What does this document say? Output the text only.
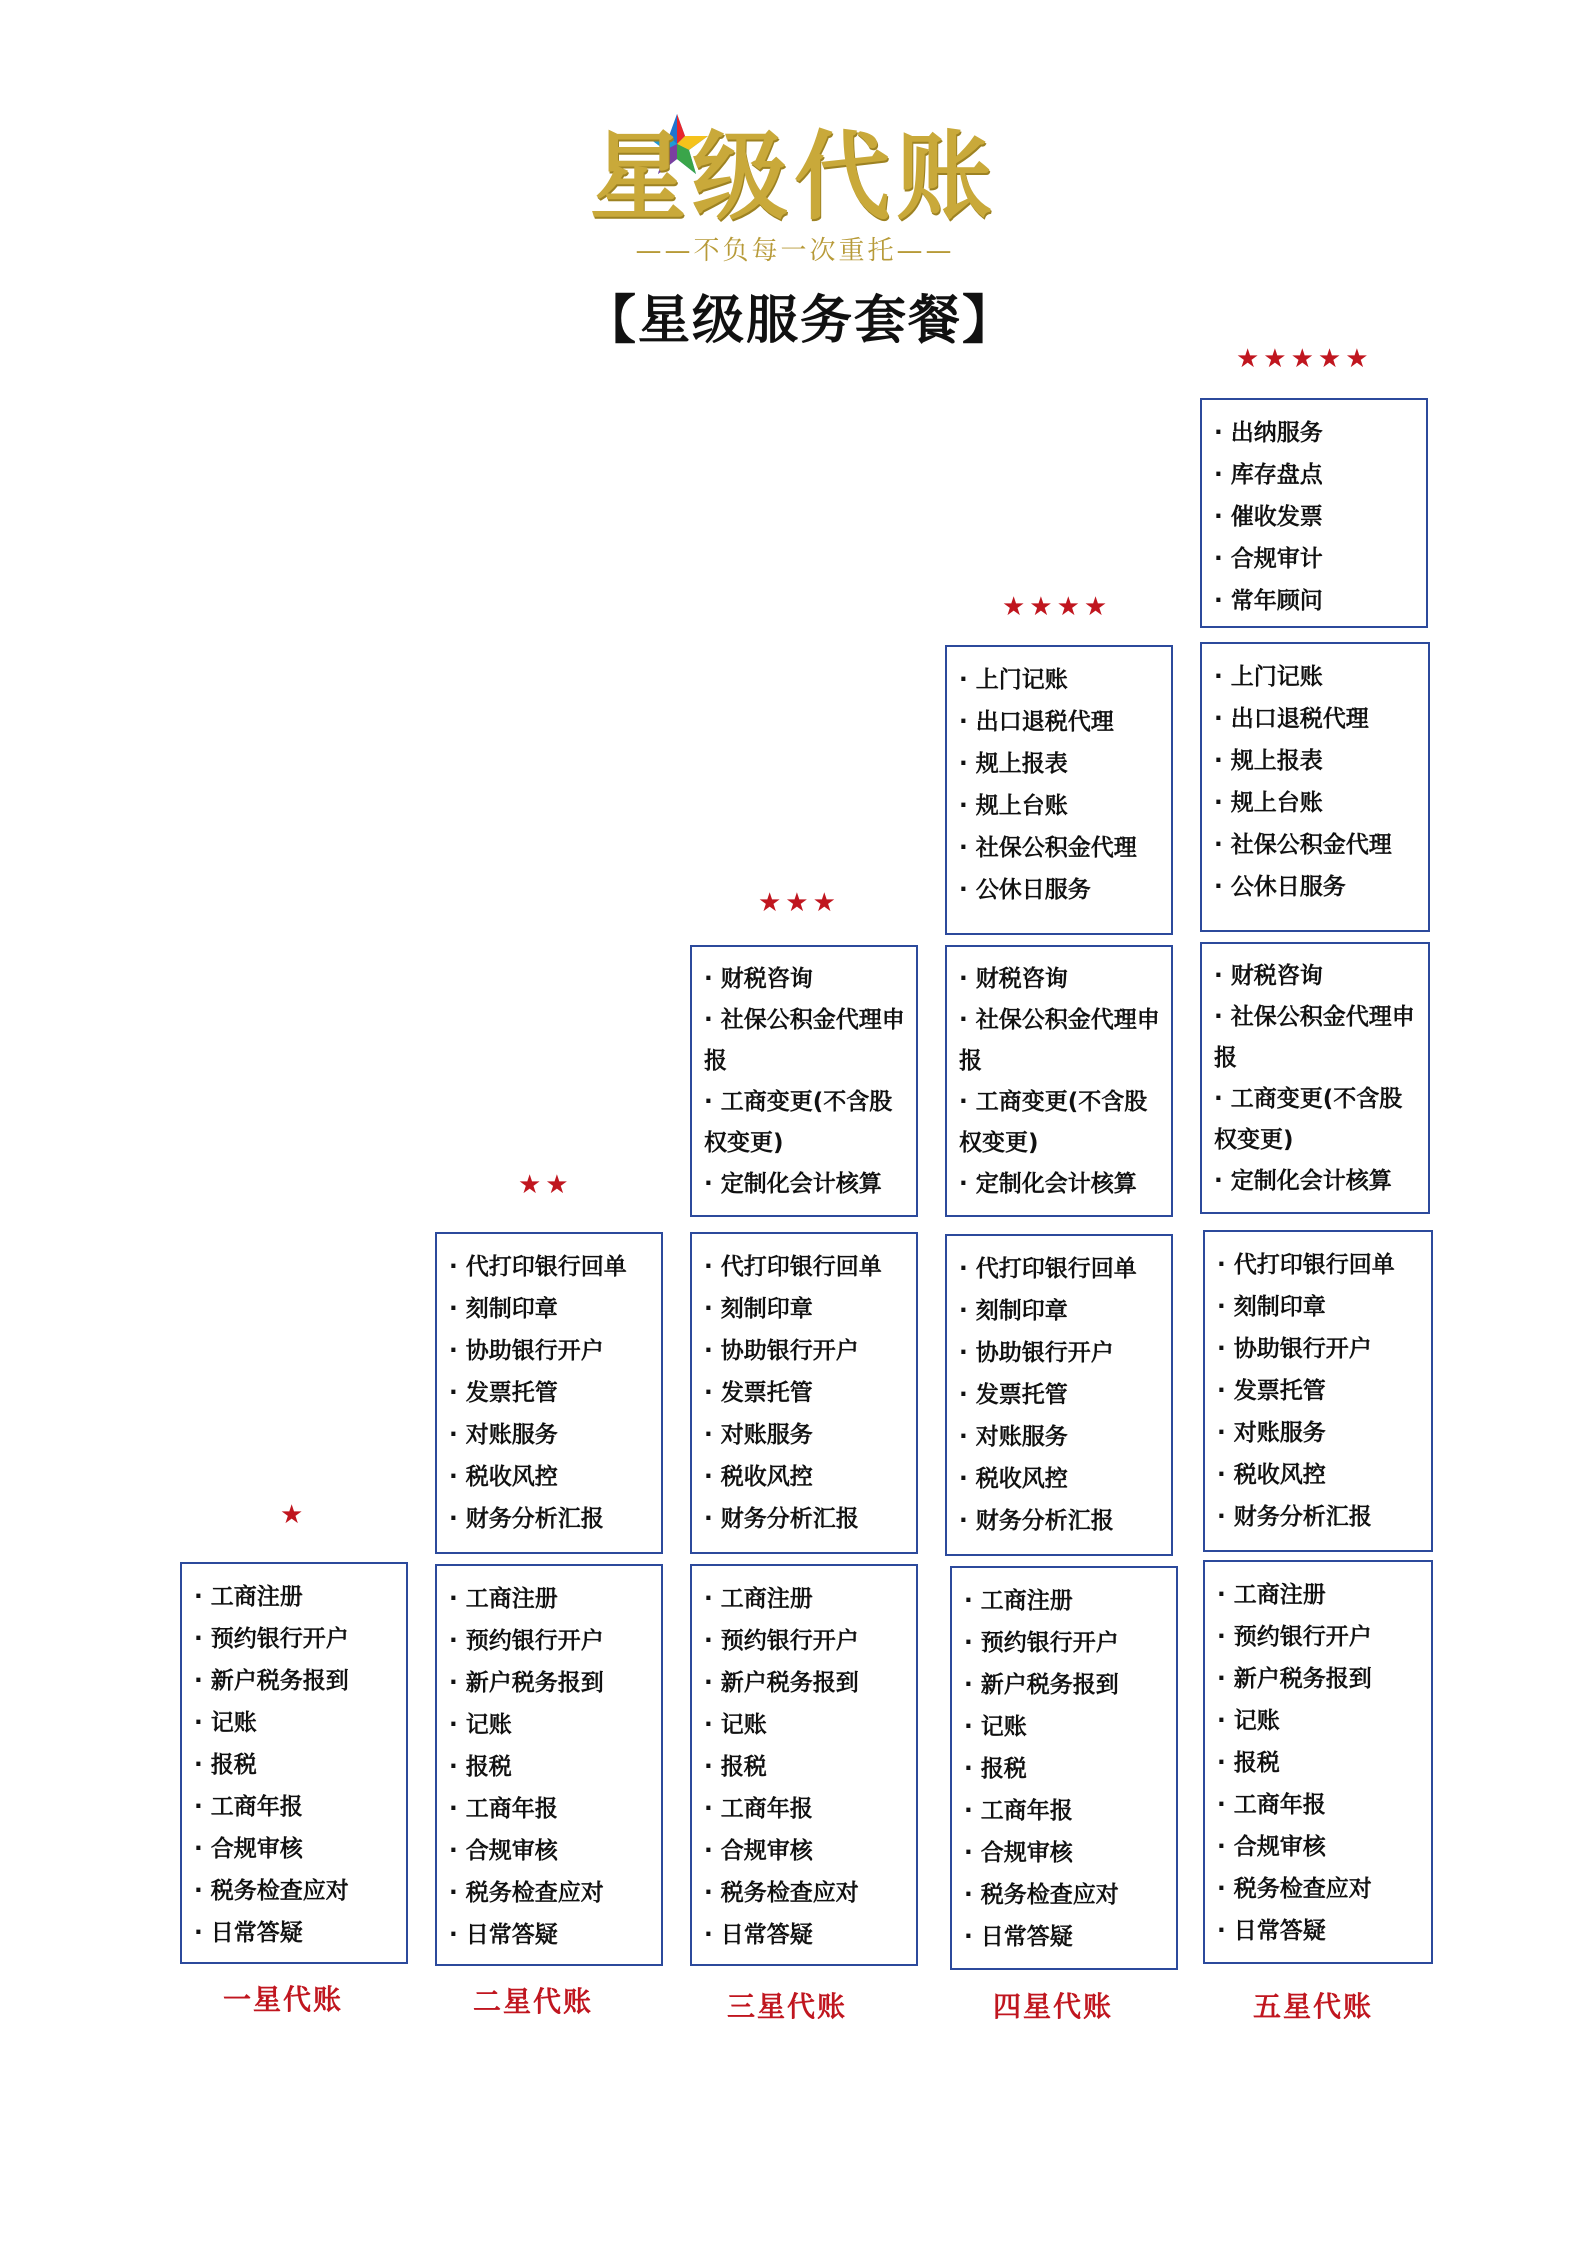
星级代账
——不负每一次重托——
【星级服务套餐】
★
★★
★★★
★★★★
★★★★★
· 工商注册
· 预约银行开户
· 新户税务报到
· 记账
· 报税
· 工商年报
· 合规审核
· 税务检查应对
· 日常答疑
· 代打印银行回单
· 刻制印章
· 协助银行开户
· 发票托管
· 对账服务
· 税收风控
· 财务分析汇报
· 工商注册
· 预约银行开户
· 新户税务报到
· 记账
· 报税
· 工商年报
· 合规审核
· 税务检查应对
· 日常答疑
· 财税咨询
· 社保公积金代理申报
· 工商变更(不含股权变更)
· 定制化会计核算
· 代打印银行回单
· 刻制印章
· 协助银行开户
· 发票托管
· 对账服务
· 税收风控
· 财务分析汇报
· 工商注册
· 预约银行开户
· 新户税务报到
· 记账
· 报税
· 工商年报
· 合规审核
· 税务检查应对
· 日常答疑
· 上门记账
· 出口退税代理
· 规上报表
· 规上台账
· 社保公积金代理
· 公休日服务
· 财税咨询
· 社保公积金代理申报
· 工商变更(不含股权变更)
· 定制化会计核算
· 代打印银行回单
· 刻制印章
· 协助银行开户
· 发票托管
· 对账服务
· 税收风控
· 财务分析汇报
· 工商注册
· 预约银行开户
· 新户税务报到
· 记账
· 报税
· 工商年报
· 合规审核
· 税务检查应对
· 日常答疑
· 出纳服务
· 库存盘点
· 催收发票
· 合规审计
· 常年顾问
· 上门记账
· 出口退税代理
· 规上报表
· 规上台账
· 社保公积金代理
· 公休日服务
· 财税咨询
· 社保公积金代理申报
· 工商变更(不含股权变更)
· 定制化会计核算
· 代打印银行回单
· 刻制印章
· 协助银行开户
· 发票托管
· 对账服务
· 税收风控
· 财务分析汇报
· 工商注册
· 预约银行开户
· 新户税务报到
· 记账
· 报税
· 工商年报
· 合规审核
· 税务检查应对
· 日常答疑
一星代账	二星代账	三星代账	四星代账	五星代账
